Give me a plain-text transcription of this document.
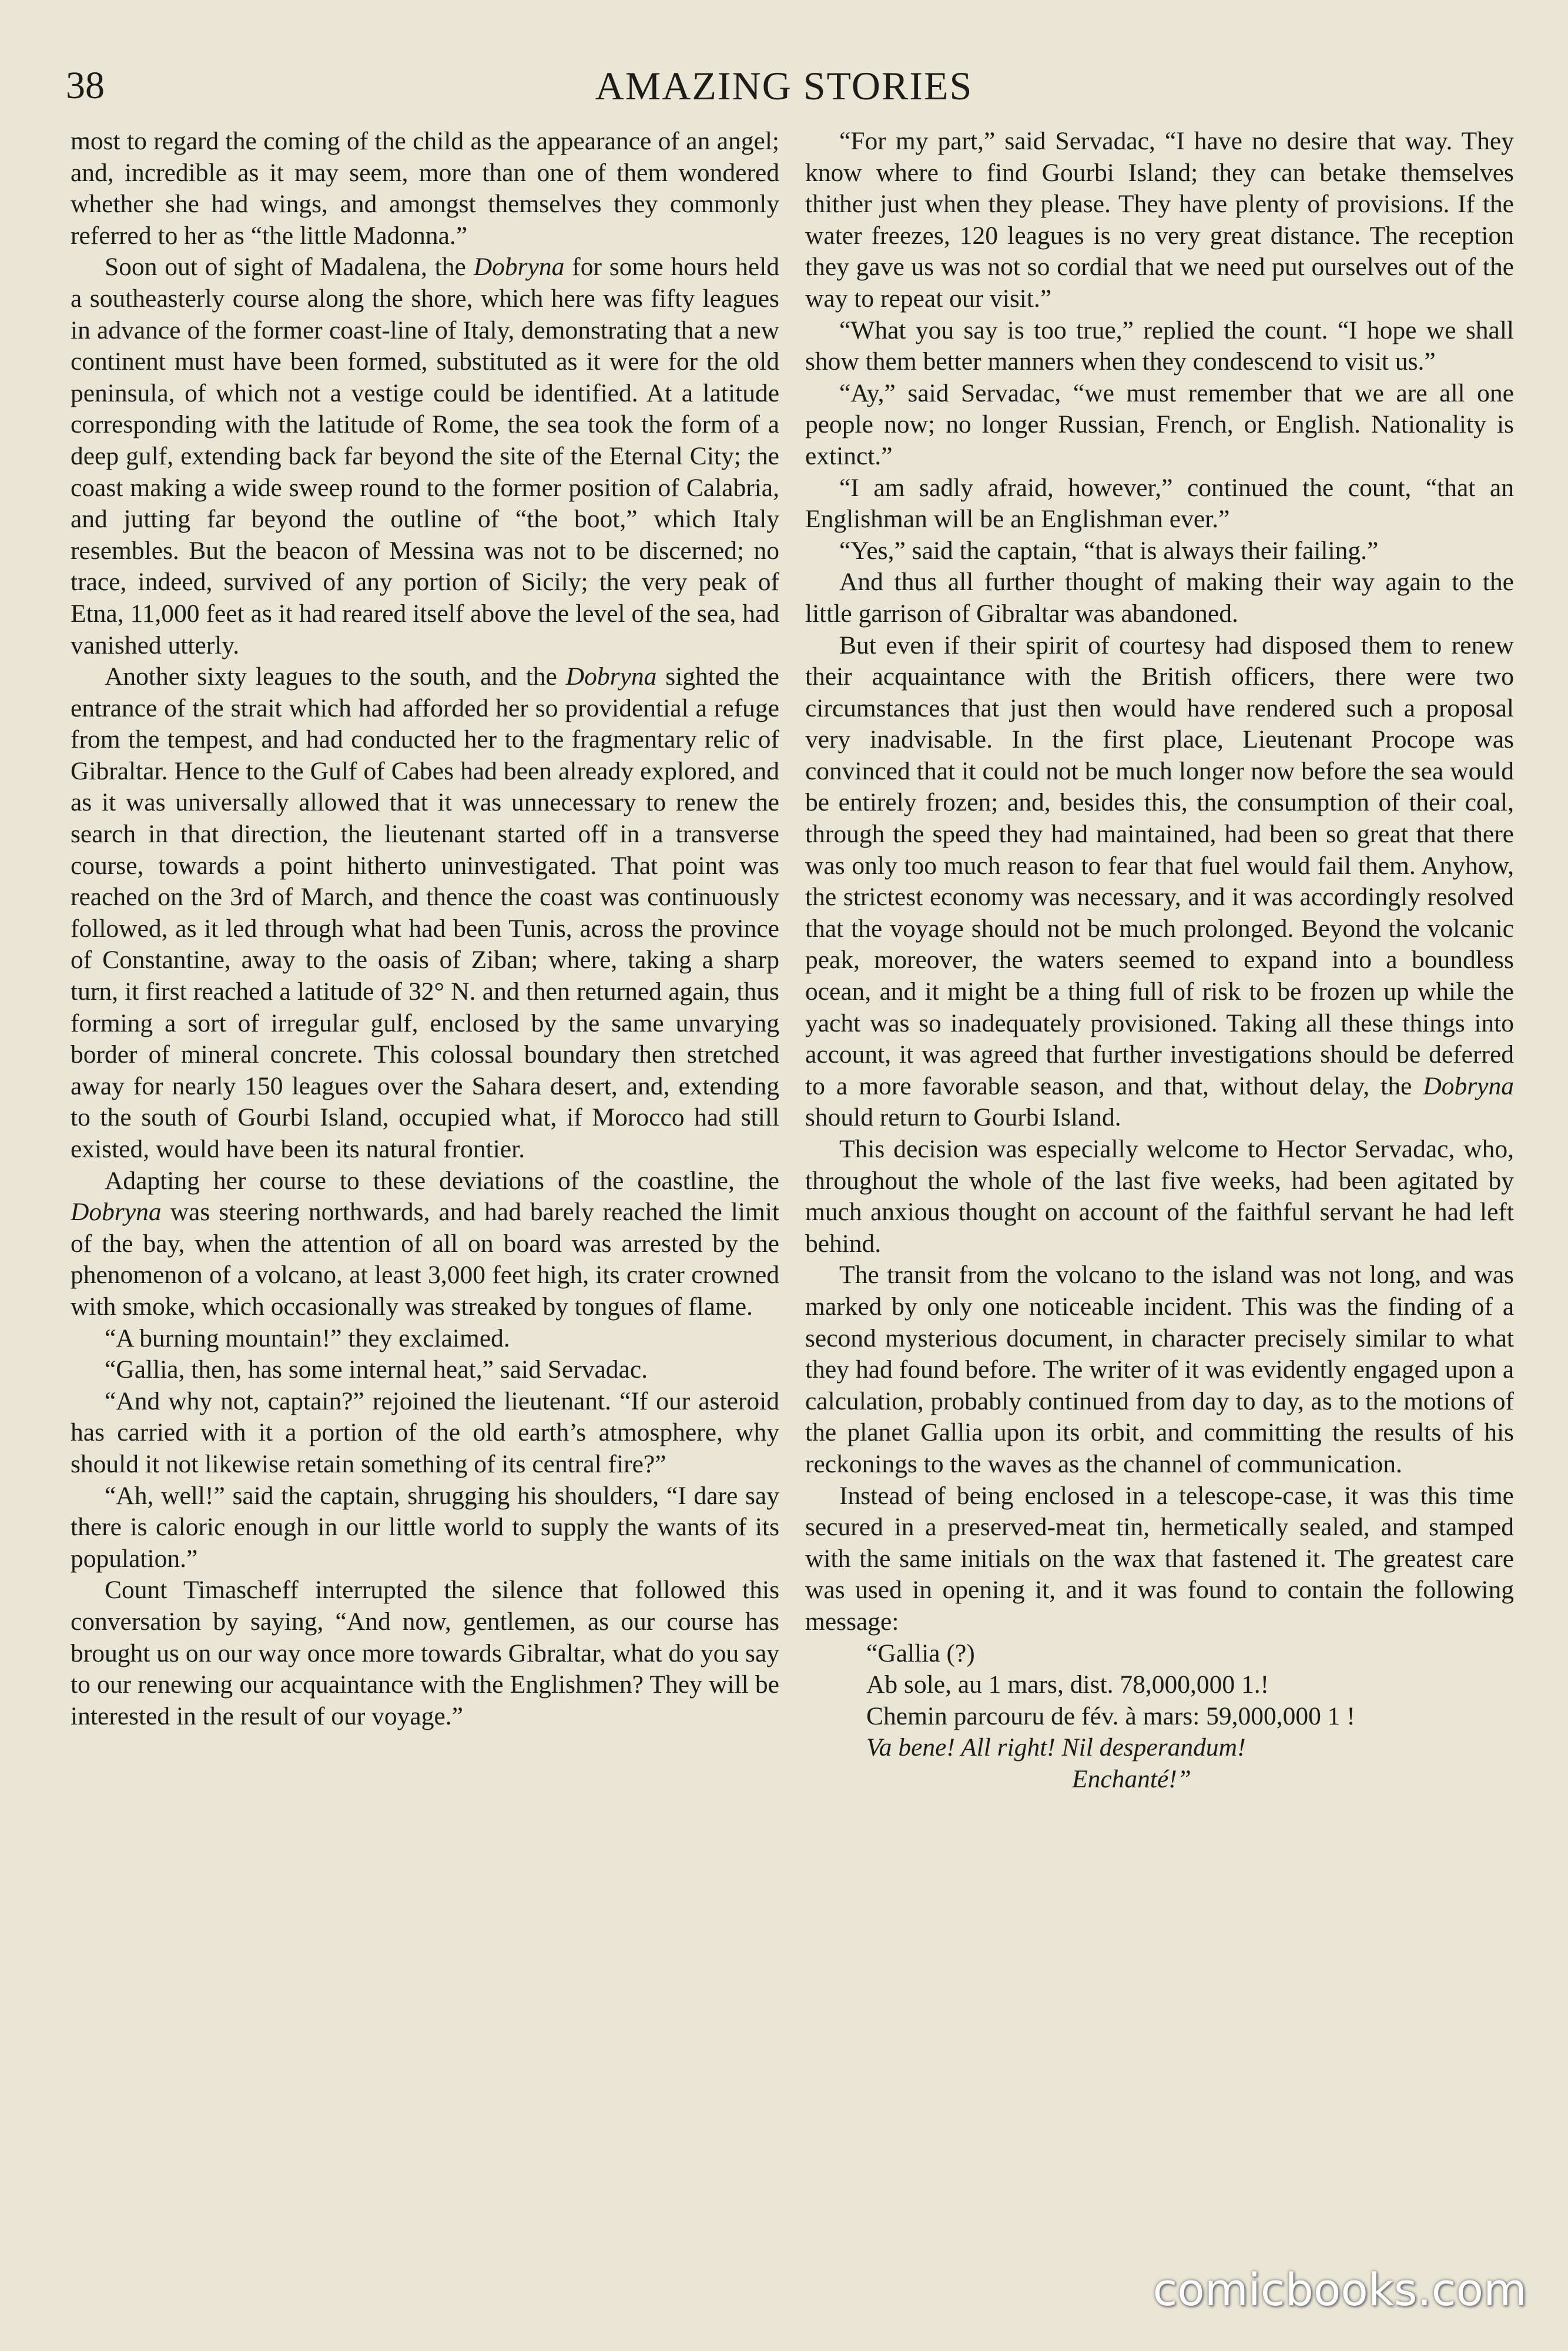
38	AMAZING STORIES

most to regard the coming of the child as the appearance of an angel; and, incredible as it may seem, more than one of them wondered whether she had wings, and amongst themselves they commonly referred to her as “the little Madonna.”

Soon out of sight of Madalena, the Dobryna for some hours held a southeasterly course along the shore, which here was fifty leagues in advance of the former coast-line of Italy, demonstrating that a new continent must have been formed, substituted as it were for the old peninsula, of which not a vestige could be identified. At a latitude corresponding with the latitude of Rome, the sea took the form of a deep gulf, extending back far beyond the site of the Eternal City; the coast making a wide sweep round to the former position of Calabria, and jutting far beyond the outline of “the boot,” which Italy resembles. But the beacon of Messina was not to be discerned; no trace, indeed, survived of any portion of Sicily; the very peak of Etna, 11,000 feet as it had reared itself above the level of the sea, had vanished utterly.

Another sixty leagues to the south, and the Dobryna sighted the entrance of the strait which had afforded her so providential a refuge from the tempest, and had conducted her to the fragmentary relic of Gibraltar. Hence to the Gulf of Cabes had been already explored, and as it was universally allowed that it was unnecessary to renew the search in that direction, the lieutenant started off in a transverse course, towards a point hitherto uninvestigated. That point was reached on the 3rd of March, and thence the coast was continuously followed, as it led through what had been Tunis, across the province of Constantine, away to the oasis of Ziban; where, taking a sharp turn, it first reached a latitude of 32° N. and then returned again, thus forming a sort of irregular gulf, enclosed by the same unvarying border of mineral concrete. This colossal boundary then stretched away for nearly 150 leagues over the Sahara desert, and, extending to the south of Gourbi Island, occupied what, if Morocco had still existed, would have been its natural frontier.

Adapting her course to these deviations of the coastline, the Dobryna was steering northwards, and had barely reached the limit of the bay, when the attention of all on board was arrested by the phenomenon of a volcano, at least 3,000 feet high, its crater crowned with smoke, which occasionally was streaked by tongues of flame.

“A burning mountain!” they exclaimed.

“Gallia, then, has some internal heat,” said Servadac.

“And why not, captain?” rejoined the lieutenant. “If our asteroid has carried with it a portion of the old earth’s atmosphere, why should it not likewise retain something of its central fire?”

“Ah, well!” said the captain, shrugging his shoulders, “I dare say there is caloric enough in our little world to supply the wants of its population.”

Count Timascheff interrupted the silence that followed this conversation by saying, “And now, gentlemen, as our course has brought us on our way once more towards Gibraltar, what do you say to our renewing our acquaintance with the Englishmen? They will be interested in the result of our voyage.”

“For my part,” said Servadac, “I have no desire that way. They know where to find Gourbi Island; they can betake themselves thither just when they please. They have plenty of provisions. If the water freezes, 120 leagues is no very great distance. The reception they gave us was not so cordial that we need put ourselves out of the way to repeat our visit.”

“What you say is too true,” replied the count. “I hope we shall show them better manners when they condescend to visit us.”

“Ay,” said Servadac, “we must remember that we are all one people now; no longer Russian, French, or English. Nationality is extinct.”

“I am sadly afraid, however,” continued the count, “that an Englishman will be an Englishman ever.”

“Yes,” said the captain, “that is always their failing.”

And thus all further thought of making their way again to the little garrison of Gibraltar was abandoned.

But even if their spirit of courtesy had disposed them to renew their acquaintance with the British officers, there were two circumstances that just then would have rendered such a proposal very inadvisable. In the first place, Lieutenant Procope was convinced that it could not be much longer now before the sea would be entirely frozen; and, besides this, the consumption of their coal, through the speed they had maintained, had been so great that there was only too much reason to fear that fuel would fail them. Anyhow, the strictest economy was necessary, and it was accordingly resolved that the voyage should not be much prolonged. Beyond the volcanic peak, moreover, the waters seemed to expand into a boundless ocean, and it might be a thing full of risk to be frozen up while the yacht was so inadequately provisioned. Taking all these things into account, it was agreed that further investigations should be deferred to a more favorable season, and that, without delay, the Dobryna should return to Gourbi Island.

This decision was especially welcome to Hector Servadac, who, throughout the whole of the last five weeks, had been agitated by much anxious thought on account of the faithful servant he had left behind.

The transit from the volcano to the island was not long, and was marked by only one noticeable incident. This was the finding of a second mysterious document, in character precisely similar to what they had found before. The writer of it was evidently engaged upon a calculation, probably continued from day to day, as to the motions of the planet Gallia upon its orbit, and committing the results of his reckonings to the waves as the channel of communication.

Instead of being enclosed in a telescope-case, it was this time secured in a preserved-meat tin, hermetically sealed, and stamped with the same initials on the wax that fastened it. The greatest care was used in opening it, and it was found to contain the following message:

“Gallia (?)
Ab sole, au 1 mars, dist. 78,000,000 1.!
Chemin parcouru de fév. à mars: 59,000,000 1 !
Va bene! All right! Nil desperandum!
Enchanté!”
comicbooks.com
